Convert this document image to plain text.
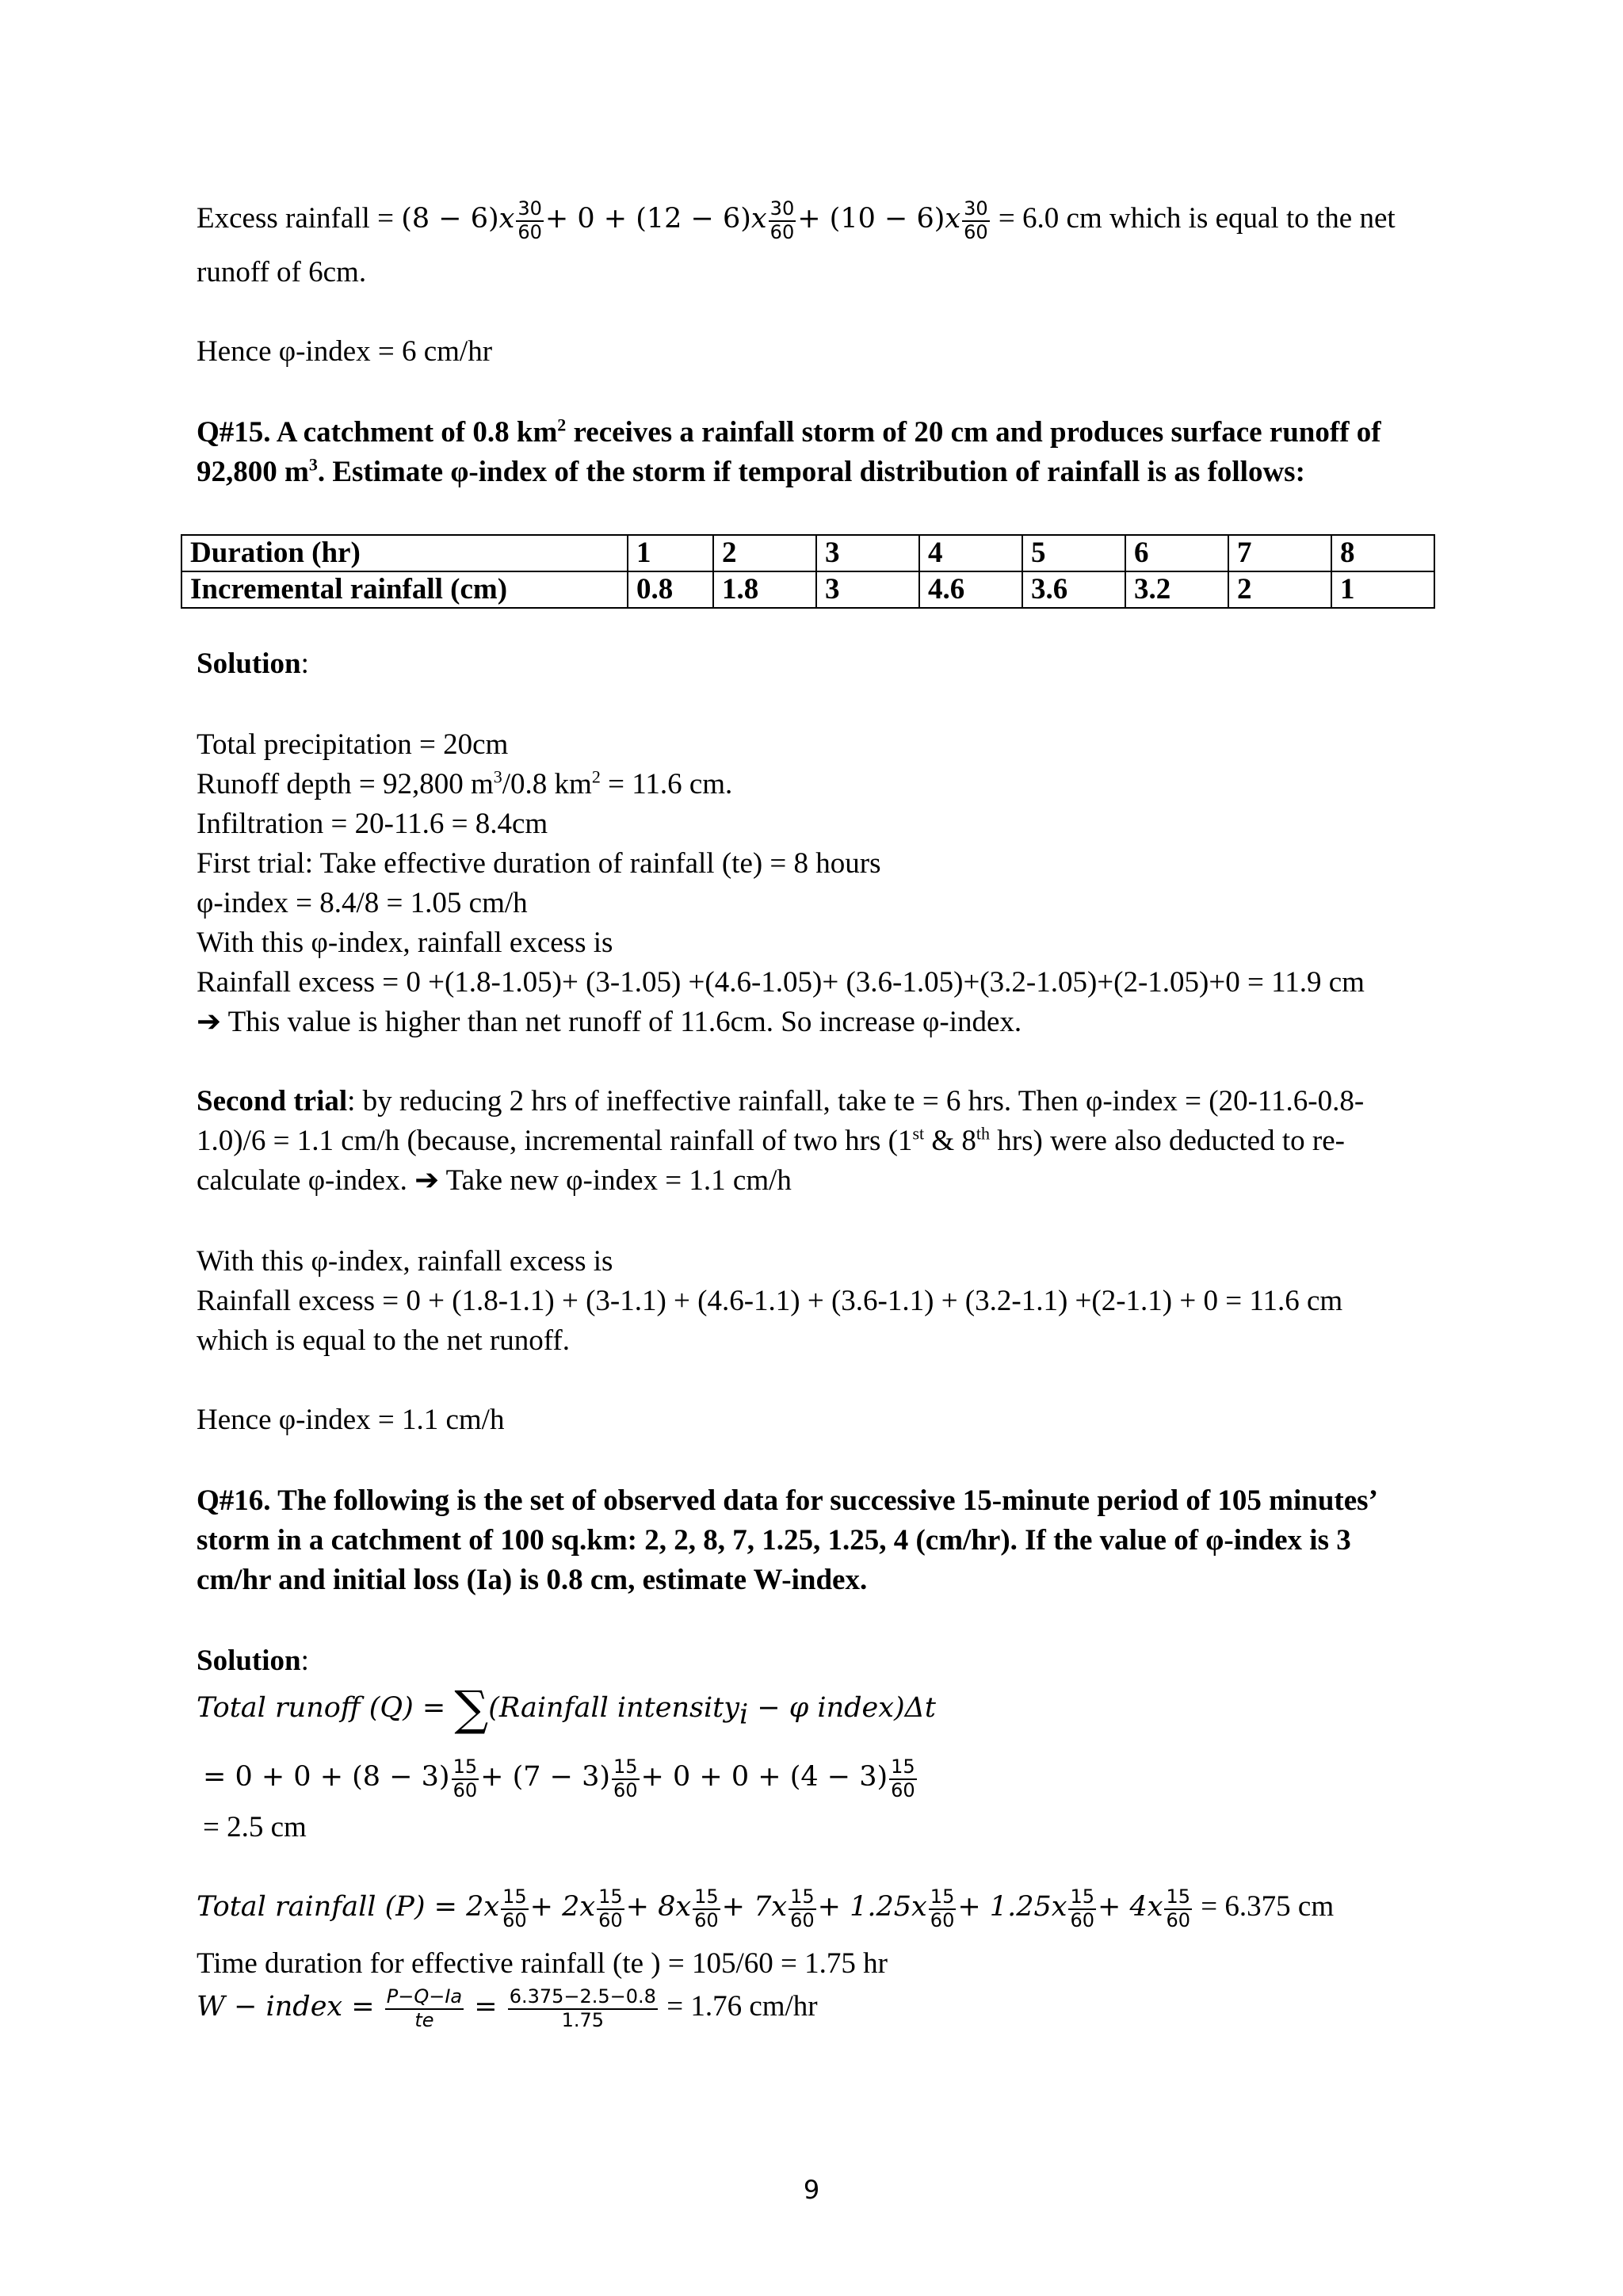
Excess rainfall = $(8 - 6)x \frac{30}{60} + 0 + (12 - 6)x \frac{30}{60} + (10 - 6)x \frac{30}{60} = 6.0$ cm which is equal to the net
runoff of 6cm.
Hence φ-index = 6 cm/hr
Q#15. A catchment of 0.8 $km^2$ receives a rainfall storm of 20 cm and produces surface runoff of
92,800 $m^3$. Estimate φ-index of the storm if temporal distribution of rainfall is as follows:
Duration (hr)	1	2	3	4	5	6	7	8
Incremental rainfall (cm)	0.8	1.8	3	4.6	3.6	3.2	2	1
Solution:
Total precipitation = 20cm
Runoff depth = 92,800 $m^3/0.8$ $km^2 = 11.6$ cm.
Infiltration = 20-11.6 = 8.4cm
First trial: Take effective duration of rainfall (te) = 8 hours
φ-index = 8.4/8 = 1.05 cm/h
With this φ-index, rainfall excess is
Rainfall excess = 0 +(1.8-1.05)+ (3-1.05) +(4.6-1.05)+ (3.6-1.05)+(3.2-1.05)+(2-1.05)+0 = 11.9 cm
➔ This value is higher than net runoff of 11.6cm. So increase φ-index.
Second trial: by reducing 2 hrs of ineffective rainfall, take te = 6 hrs. Then φ-index = (20-11.6-0.8-
1.0)/6 = 1.1 cm/h (because, incremental rainfall of two hrs (1st & 8th hrs) were also deducted to re-
calculate φ-index. ➔ Take new φ-index = 1.1 cm/h
With this φ-index, rainfall excess is
Rainfall excess = 0 + (1.8-1.1) + (3-1.1) + (4.6-1.1) + (3.6-1.1) + (3.2-1.1) +(2-1.1) + 0 = 11.6 cm
which is equal to the net runoff.
Hence φ-index = 1.1 cm/h
Q#16. The following is the set of observed data for successive 15-minute period of 105 minutes’
storm in a catchment of 100 sq.km: 2, 2, 8, 7, 1.25, 1.25, 4 (cm/hr). If the value of φ-index is 3
cm/hr and initial loss (Ia) is 0.8 cm, estimate W-index.
Solution:
Total runoff (Q) = ∑(Rainfall intensity$_i$ − φ index)Δt
= $0 + 0 + (8 - 3) \frac{15}{60} + (7 - 3) \frac{15}{60} + 0 + 0 + (4 - 3) \frac{15}{60}$
= 2.5 cm
Total rainfall $(P) = 2x \frac{15}{60} + 2x \frac{15}{60} + 8x \frac{15}{60} + 7x \frac{15}{60} + 1.25x \frac{15}{60} + 1.25x \frac{15}{60} + 4x \frac{15}{60} = 6.375$ cm
Time duration for effective rainfall (te ) = 105/60 = 1.75 hr
W − index = $\frac{P-Q-Ia}{te} = \frac{6.375-2.5-0.8}{1.75} = 1.76$ cm/hr
9
